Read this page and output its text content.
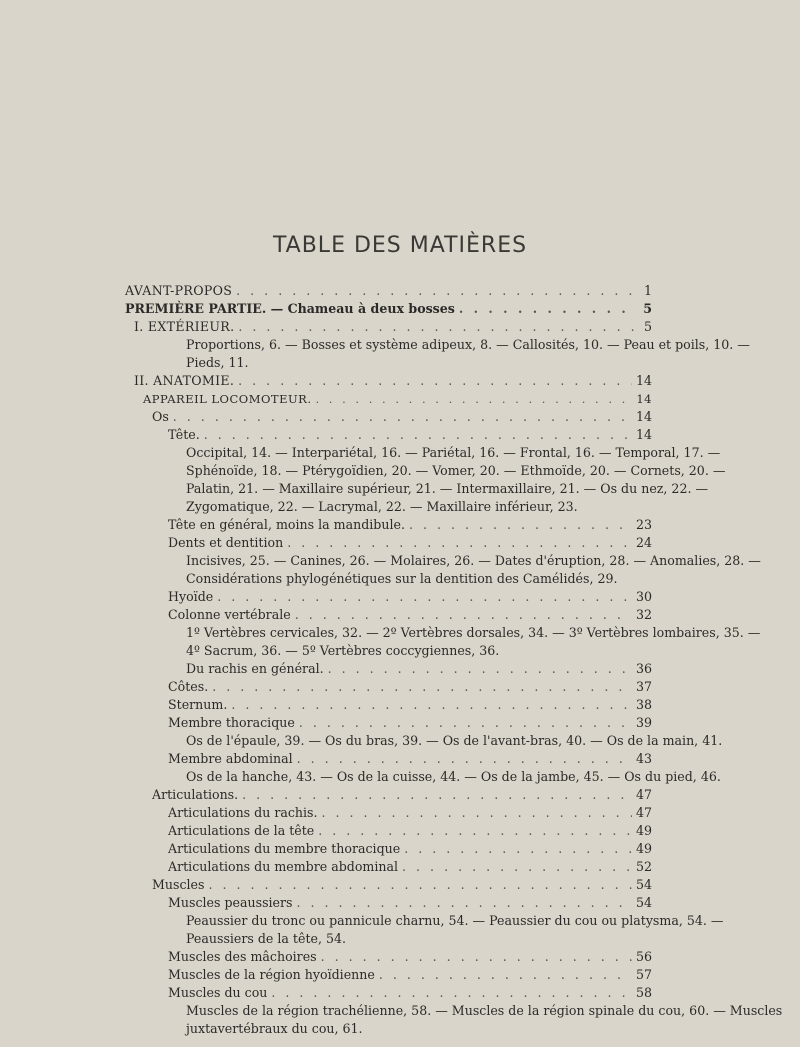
TABLE DES MATIÈRES
AVANT-PROPOS . . .	1
PREMIÈRE PARTIE. — Chameau à deux bosses . . .	5
I. EXTÉRIEUR. . . .	5
Proportions, 6. — Bosses et système adipeux, 8. — Callosités, 10. — Peau et poils, 10. —
Pieds, 11.
II. ANATOMIE. . . .	14
APPAREIL LOCOMOTEUR. . . .	14
Os . . .	14
Tête. . . .	14
Occipital, 14. — Interpariétal, 16. — Pariétal, 16. — Frontal, 16. — Temporal, 17. —
Sphénoïde, 18. — Ptérygoïdien, 20. — Vomer, 20. — Ethmoïde, 20. — Cornets, 20. —
Palatin, 21. — Maxillaire supérieur, 21. — Intermaxillaire, 21. — Os du nez, 22. —
Zygomatique, 22. — Lacrymal, 22. — Maxillaire inférieur, 23.
Tête en général, moins la mandibule. . . .	23
Dents et dentition . . .	24
Incisives, 25. — Canines, 26. — Molaires, 26. — Dates d'éruption, 28. — Anomalies, 28. —
Considérations phylogénétiques sur la dentition des Camélidés, 29.
Hyoïde . . .	30
Colonne vertébrale . . .	32
1º Vertèbres cervicales, 32. — 2º Vertèbres dorsales, 34. — 3º Vertèbres lombaires, 35. —
4º Sacrum, 36. — 5º Vertèbres coccygiennes, 36.
Du rachis en général. . . .	36
Côtes. . . .	37
Sternum. . . .	38
Membre thoracique . . .	39
Os de l'épaule, 39. — Os du bras, 39. — Os de l'avant-bras, 40. — Os de la main, 41.
Membre abdominal . . .	43
Os de la hanche, 43. — Os de la cuisse, 44. — Os de la jambe, 45. — Os du pied, 46.
Articulations. . . .	47
Articulations du rachis. . . .	47
Articulations de la tête . . .	49
Articulations du membre thoracique . . .	49
Articulations du membre abdominal . . .	52
Muscles . . .	54
Muscles peaussiers . . .	54
Peaussier du tronc ou pannicule charnu, 54. — Peaussier du cou ou platysma, 54. —
Peaussiers de la tête, 54.
Muscles des mâchoires . . .	56
Muscles de la région hyoïdienne . . .	57
Muscles du cou . . .	58
Muscles de la région trachélienne, 58. — Muscles de la région spinale du cou, 60. — Muscles
juxtavertébraux du cou, 61.
